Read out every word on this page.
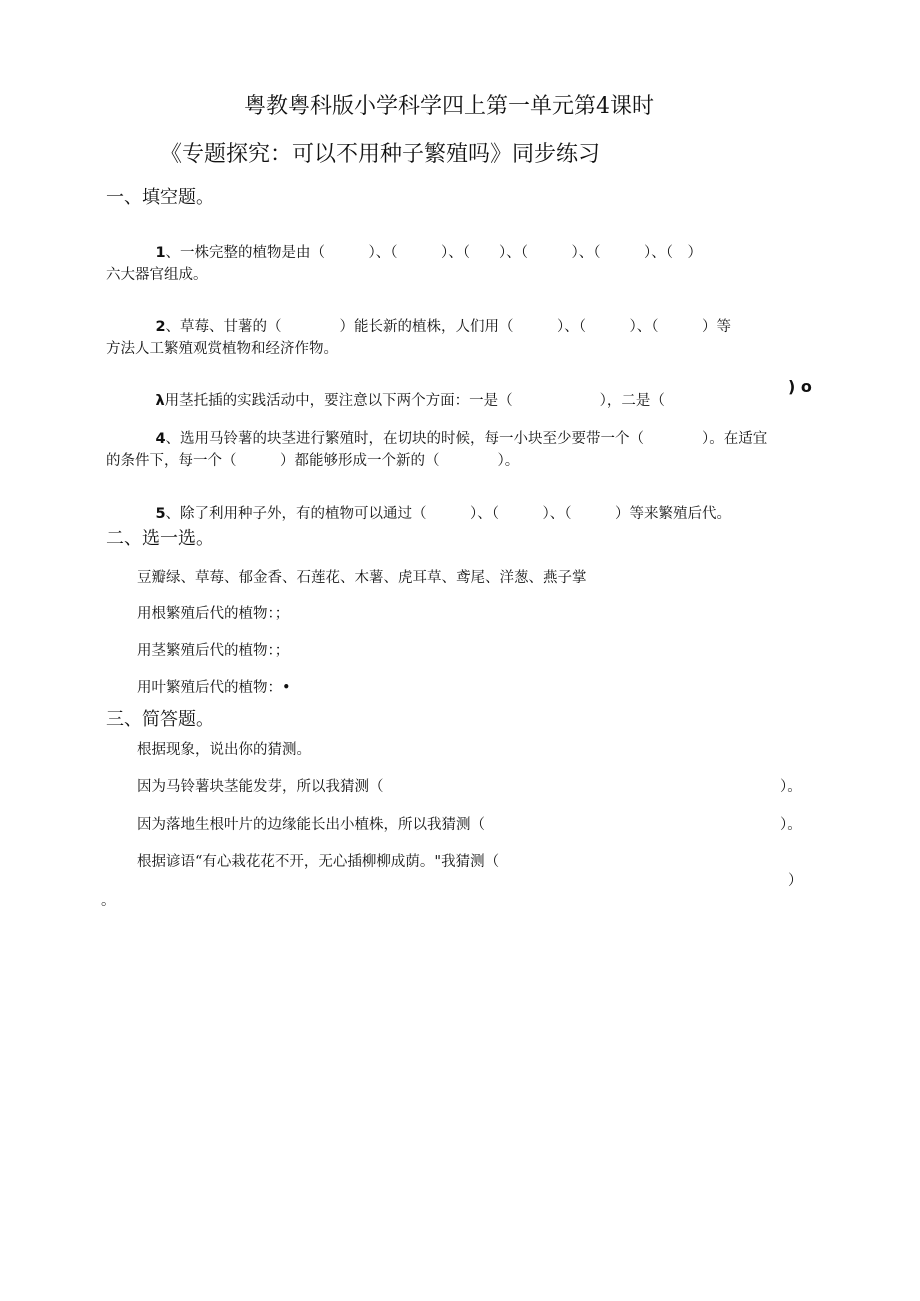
粤教粤科版小学科学四上第一单元第4课时
《专题探究：可以不用种子繁殖吗》同步练习
一、填空题。

1、一株完整的植物是由（　　　）、（　　　）、（　　）、（　　　）、（　　　）、（　）

六大器官组成。

2、草莓、甘薯的（　　　　）能长新的植株，人们用（　　　）、（　　　）、（　　　）等

方法人工繁殖观赏植物和经济作物。

λ用茎托插的实践活动中，要注意以下两个方面：一是（　　　　　　），二是（　　　　　

) o

4、选用马铃薯的块茎进行繁殖时，在切块的时候，每一小块至少要带一个（　　　　）。在适宜

的条件下，每一个（　　　）都能够形成一个新的（　　　　）。

5、除了利用种子外，有的植物可以通过（　　　）、（　　　）、（　　　）等来繁殖后代。

二、选一选。
豆瓣绿、草莓、郁金香、石莲花、木薯、虎耳草、鸢尾、洋葱、燕子掌
用根繁殖后代的植物：；
用茎繁殖后代的植物：；
用叶繁殖后代的植物：•
三、简答题。
根据现象，说出你的猜测。
因为马铃薯块茎能发芽，所以我猜测（	）。
因为落地生根叶片的边缘能长出小植株，所以我猜测（	）。
根据谚语“有心栽花花不开，无心插柳柳成荫。"我猜测（
）
。
